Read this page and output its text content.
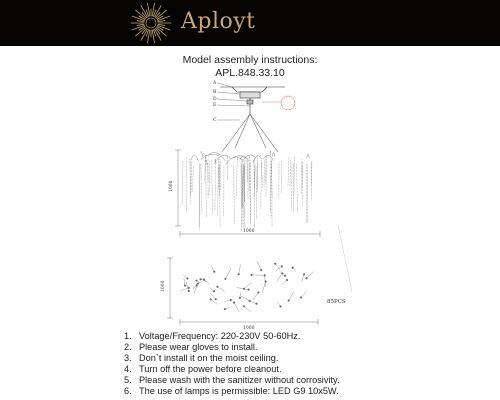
Aployt
Model assembly instructions:
APL.848.33.10
A
B
D
E
C
1000
1000
1000
1000
85PCS
1. Voltage/Frequency: 220-230V 50-60Hz.
2. Please wear gloves to install.
3. Don`t install it on the moist ceiling.
4. Turn off the power before cleanout.
5. Please wash with the sanitizer without corrosivity.
6. The use of lamps is permissible: LED G9 10x5W.
